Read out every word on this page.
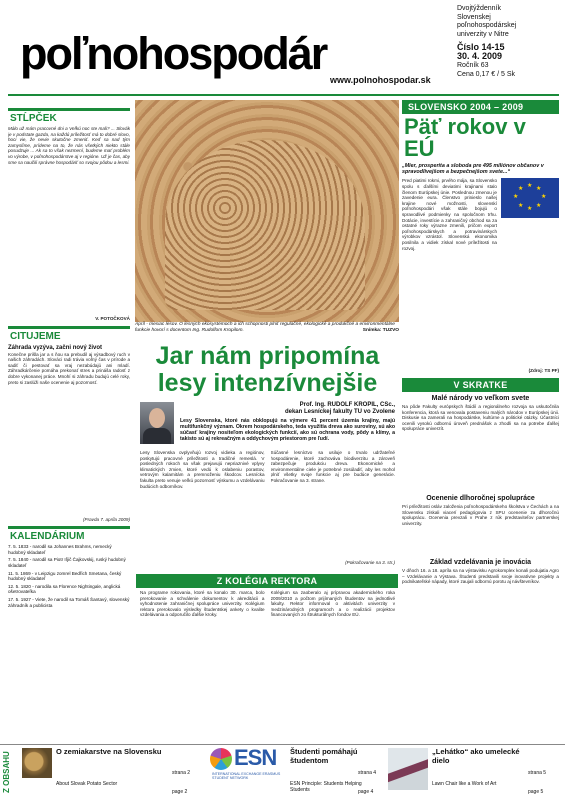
poľnohospodár
www.polnohospodar.sk
Dvojtýždenník
Slovenskej
poľnohospodárskej
univerzity v Nitre
Číslo 14-15
30. 4. 2009
Ročník 63
Cena 0,17 € / 5 Sk
STĹPČEK
Málo už mám pracovné dni a Veľkú noc ste mali? ... Slovák je v podstate gazda, na každú príležitosť má to dobré slovo, hoci vie, že nevie skutočne zmeniť. Keď sa nad tým zamyslíme, prídeme na to, že nás všetkých niekto stále posudzuje ... Ak sa to však nezmení, budeme mať problém vo výrobe, v poľnohospodárstve aj v regióne. Už je čas, aby sme sa naučili správne hospodáriť so svojou pôdou a lesmi.
V. POTOČKOVÁ
CITUJEME
Záhrada vyzýva, začni nový život
Konečne prišla jar a s ňou sa prebudil aj výsadbový ruch v našich záhradách. Slováci radi trávia voľný čas v prírode a sadiť či pestovať sa vraj nezabúdajú ani mladí. Záhradkárčenie pomáha prekonať stres a prináša radosť z dobre vykonanej práce. Mnohí si záhradu budujú celé roky, preto si zaslúži naše ocenenie aj pozornosť.
(Pravda 7. apríla 2009)
KALENDÁRIUM
7. 5. 1833 - narodil sa Johannes Brahms, nemecký hudobný skladateľ
7. 5. 1840 - narodil sa Piotr Iľjič Čajkovskij, ruský hudobný skladateľ
11. 5. 1869 - v Leipzigu zomrel Bedřich Smetana, český hudobný skladateľ
12. 5. 1820 - narodila sa Florence Nightingale, anglická ošetrovateľka
17. 5. 1927 - Viete, že narodil sa Tomáš Šantavý, slovenský záhradník a publicista
Apríl - mesiac lesov. O lesných ekosystémoch a ich schopnosti plniť regulačné, ekologické a produkčné a environmentálne funkcie hovorí s docentom Ing. Rudolfom Kropilom.	Snímka: TUZVO
Jar nám pripomína lesy intenzívnejšie
Prof. Ing. RUDOLF KROPIL, CSc.,
dekan Lesníckej fakulty TU vo Zvolene
Lesy Slovenska, ktoré nás obklopujú na výmere 41 percent územia krajiny, majú multifunkčný význam. Okrem hospodárskeho, teda využitia dreva ako suroviny, sú ako súčasť krajiny nositeľom ekologických funkcií, ako sú ochrana vody, pôdy a klímy, a takisto sú aj rekreačným a oddychovým priestorom pre ľudí.
Lesy Slovenska ovplyvňujú rozvoj vidieka a regiónov, poskytujú pracovné príležitosti a tradičné remeslá. V posledných rokoch sa však prejavujú nepriaznivé vplyvy klimatických zmien, ktoré vedú k oslabeniu porastov, vetrovým kalamitám a premnoženiu škodcov. Lesnícka fakulta preto venuje veľkú pozornosť výskumu a vzdelávaniu budúcich odborníkov.
Súčasné lesníctvo sa usiluje o trvalo udržateľné hospodárenie, ktoré zachováva biodiverzitu a zároveň zabezpečuje produkciu dreva. Ekonomické a environmentálne ciele je potrebné zosúladiť, aby les mohol plniť všetky svoje funkcie aj pre budúce generácie. Pokračovanie na 3. strane.
(Pokračovanie na 3. str.)
Z KOLÉGIA REKTORA
Na programe rokovania, ktoré sa konalo 30. marca, bolo prerokovanie a schválenie dokumentov k akreditácii a vyhodnotenie zahraničnej spolupráce univerzity. Kolégium rektora prerokovalo výsledky študentskej ankety o kvalite vzdelávania a odporučilo ďalšie kroky.
Kolégium sa zaoberalo aj prípravou akademického roka 2009/2010 a počtom prijímaných študentov na jednotlivé fakulty. Rektor informoval o aktivitách univerzity v medzinárodných programoch a o realizácii projektov financovaných zo štrukturálnych fondov EÚ.
SLOVENSKO 2004 – 2009
Päť rokov v EÚ
„Mier, prosperita a sloboda pre 495 miliónov občanov v spravodlivejšom a bezpečnejšom svete...“
★ ★
★
★
★
★
★
★
Pred piatimi rokmi, prvého mája, sa Slovensko spolu s ďalšími deviatimi krajinami stalo členom Európskej únie. Poslednou zmenou je zavedenie eura. Členstvo prinieslo našej krajine nové možnosti, slovenskí poľnohospodári však stále bojujú o spravodlivé podmienky na spoločnom trhu. Dotácie, investície a zahraničný obchod sa za ostatné roky výrazne zmenili, pričom export poľnohospodárskych a potravinárskych výrobkov vzrástol. Slovenská ekonomika posilnila a vidiek získal nové príležitosti na rozvoj.
(Zdroj: TS PF)
V SKRATKE
Malé národy vo veľkom svete
Na pôde Fakulty európskych štúdií a regionálneho rozvoja sa uskutočnila konferencia, ktorá sa venovala postaveniu malých národov v Európskej únii. Diskusie sa zamerali na hospodárske, kultúrne a politické otázky. Účastníci ocenili vysokú odbornú úroveň prednášok a zhodli sa na potrebe ďalšej spolupráce univerzít.
Ocenenie dlhoročnej spolupráce
Pri príležitosti osláv založenia poľnohospodárskeho školstva v Čechách a na Slovensku získali viacerí pedagógovia z SPU ocenenie za dlhoročnú spoluprácu. Ocenenia prevzali v Prahe z rúk predstaviteľov partnerskej univerzity.
Základ vzdelávania je inovácia
V dňoch 16. a 18. apríla sa na výstavisku Agrokomplex konali podujatia Agro – Vzdelávanie a Výstava. Študenti predstavili svoje inovatívne projekty a podnikateľské nápady, ktoré zaujali odbornú porotu aj návštevníkov.
Z OBSAHU	O zemiakarstve na Slovensku
strana 2
About Slovak Potato Sector
page 2
ESN
INTERNATIONAL EXCHANGE ERASMUS STUDENT NETWORK
Študenti pomáhajú študentom
strana 4
ESN Principle: Students Helping Students	page 4
„Lehátko“ ako umelecké dielo
strana 5
Lawn Chair like a Work of Art
page 5
